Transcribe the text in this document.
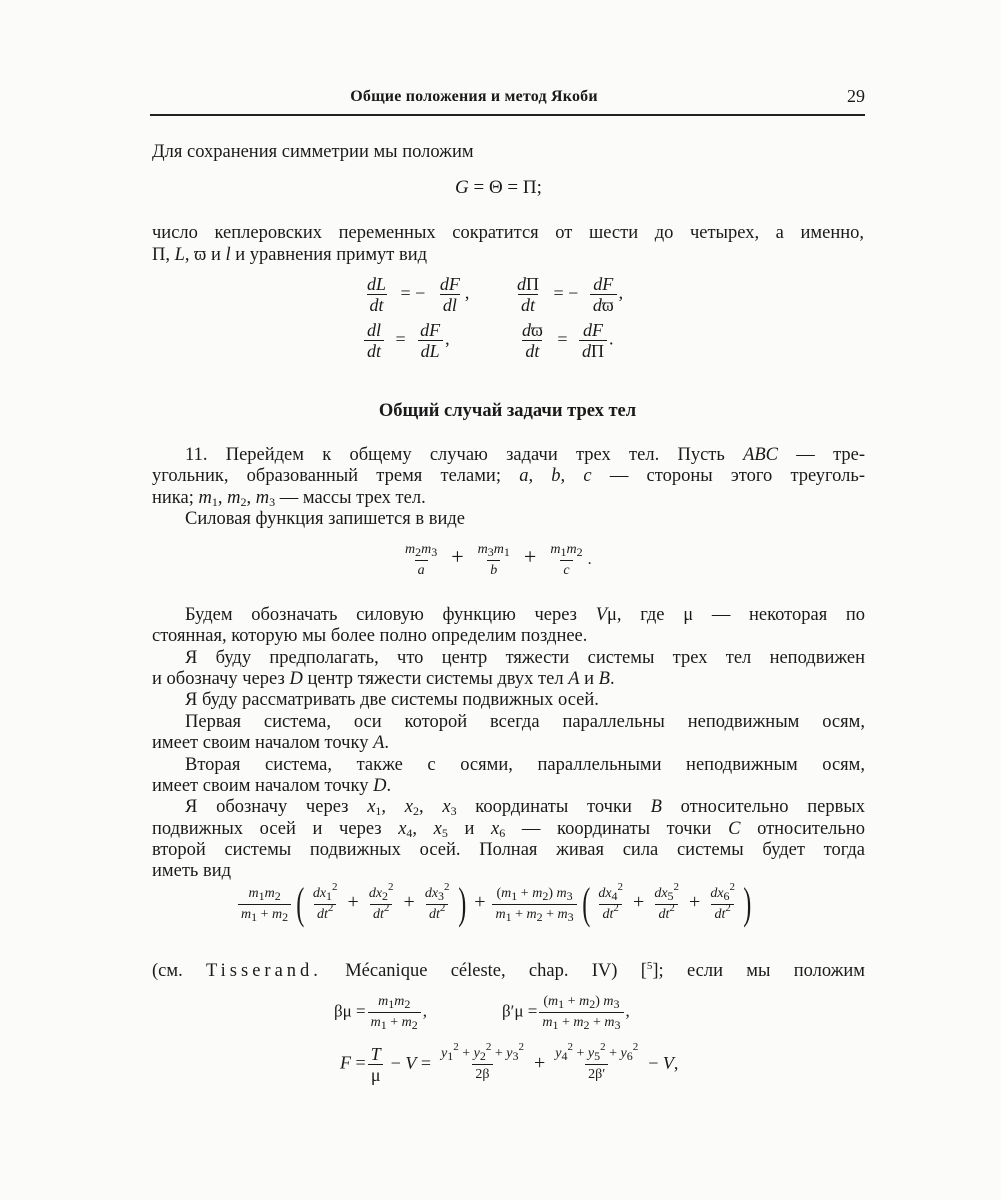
Общие положения и метод Якоби	29
Для сохранения симметрии мы положим
G = Θ = Π;
число кеплеровских переменных сократится от шести до четырех, а именно,
Π, L, ϖ и l и уравнения примут вид
$\frac{dL}{dt}$ = − $\frac{dF}{dl}$ , $\frac{d\Pi}{dt}$ = − $\frac{dF}{dϖ}$ ,
$\frac{dl}{dt} = \frac{dF}{dL}$ ,	$\frac{dϖ}{dt} = \frac{dF}{d\Pi}$ .
Общий случай задачи трех тел
11. Перейдем к общему случаю задачи трех тел. Пусть ABC — тре-
угольник, образованный тремя телами; a, b, c — стороны этого треуголь-
ника; $m_1$, $m_2$, $m_3$ — массы трех тел.
Силовая функция запишется в виде
$\frac{m_2m_3}{a} + \frac{m_3m_1}{b} + \frac{m_1m_2}{c}$ .
Будем обозначать силовую функцию через Vμ, где μ — некоторая по
стоянная, которую мы более полно определим позднее.
Я буду предполагать, что центр тяжести системы трех тел неподвижен
и обозначу через D центр тяжести системы двух тел A и B.
Я буду рассматривать две системы подвижных осей.
Первая система, оси которой всегда параллельны неподвижным осям,
имеет своим началом точку A.
Вторая система, также с осями, параллельными неподвижным осям,
имеет своим началом точку D.
Я обозначу через $x_1$, $x_2$, $x_3$ координаты точки B относительно первых
подвижных осей и через $x_4$, $x_5$ и $x_6$ — координаты точки C относительно
второй системы подвижных осей. Полная живая сила системы будет тогда
иметь вид
$\frac{m_1m_2}{m_1 + m_2}$ ( $\frac{dx_1^2}{dt^2} + \frac{dx_2^2}{dt^2} + \frac{dx_3^2}{dt^2}$ ) + $\frac{(m_1 + m_2) m_3}{m_1 + m_2 + m_3}$ ( $\frac{dx_4^2}{dt^2} + \frac{dx_5^2}{dt^2} + \frac{dx_6^2}{dt^2}$ )
(см. Tisserand. Mécanique céleste, chap. IV) [$^5$]; если мы положим
$\beta\mu = \frac{m_1m_2}{m_1 + m_2}$ ,	$\beta'\mu = \frac{(m_1 + m_2) m_3}{m_1 + m_2 + m_3}$ ,
$F = \frac{T}{\mu} - V = \frac{y_1^2 + y_2^2 + y_3^2}{2\beta} + \frac{y_4^2 + y_5^2 + y_6^2}{2\beta'} - V$,
